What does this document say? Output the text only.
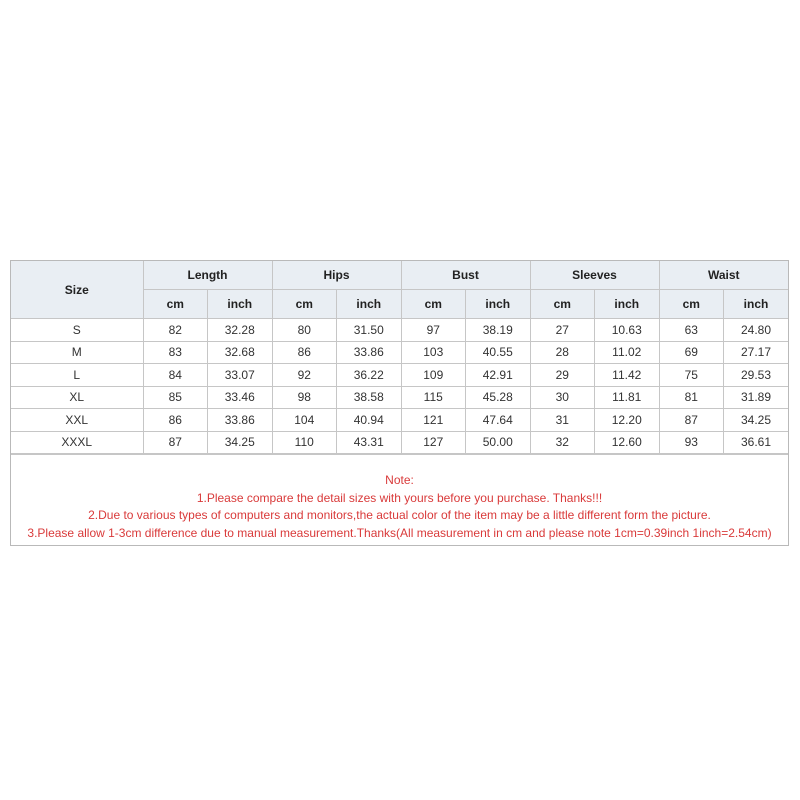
Size	Length		Hips		Bust		Sleeves		Waist	
	cm	inch	cm	inch	cm	inch	cm	inch	cm	inch
S	82	32.28	80	31.50	97	38.19	27	10.63	63	24.80
M	83	32.68	86	33.86	103	40.55	28	11.02	69	27.17
L	84	33.07	92	36.22	109	42.91	29	11.42	75	29.53
XL	85	33.46	98	38.58	115	45.28	30	11.81	81	31.89
XXL	86	33.86	104	40.94	121	47.64	31	12.20	87	34.25
XXXL	87	34.25	110	43.31	127	50.00	32	12.60	93	36.61
Note:
1.Please compare the detail sizes with yours before you purchase. Thanks!!!
2.Due to various types of computers and monitors,the actual color of the item may be a little different form the picture.
3.Please allow 1-3cm difference due to manual measurement.Thanks(All measurement in cm and please note 1cm=0.39inch 1inch=2.54cm)
